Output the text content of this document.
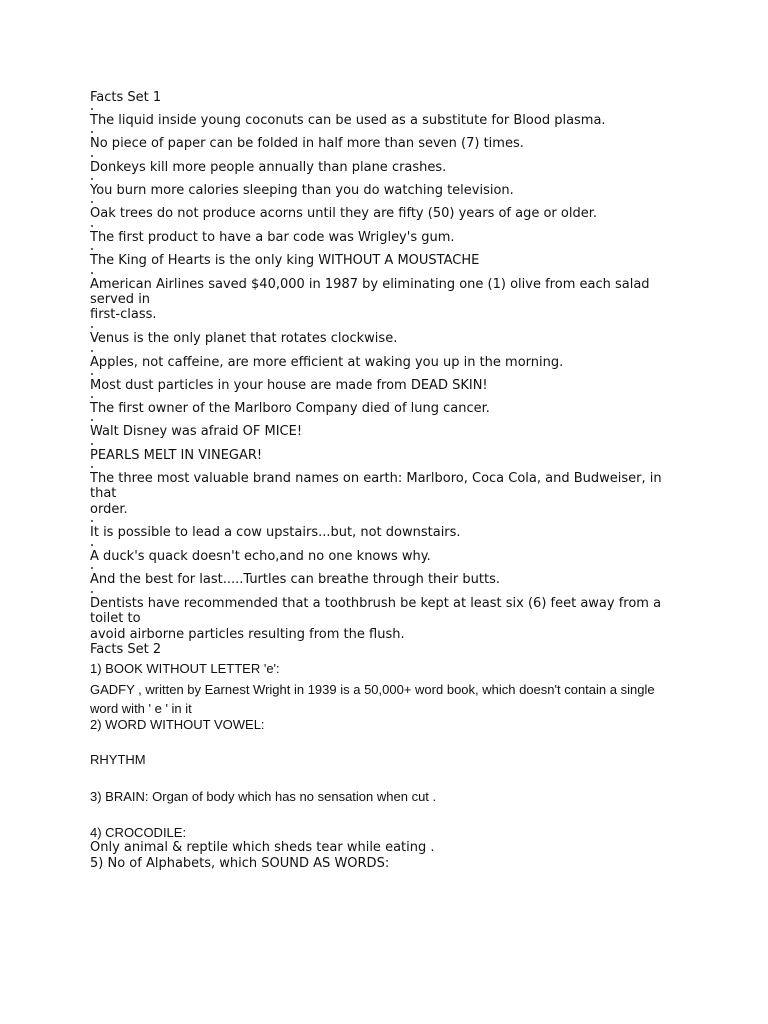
Facts Set 1
The liquid inside young coconuts can be used as a substitute for Blood plasma.
No piece of paper can be folded in half more than seven (7) times.
Donkeys kill more people annually than plane crashes.
You burn more calories sleeping than you do watching television.
Oak trees do not produce acorns until they are fifty (50) years of age or older.
The first product to have a bar code was Wrigley's gum.
The King of Hearts is the only king WITHOUT A MOUSTACHE
American Airlines saved $40,000 in 1987 by eliminating one (1) olive from each salad
served in
first-class.
Venus is the only planet that rotates clockwise.
Apples, not caffeine, are more efficient at waking you up in the morning.
Most dust particles in your house are made from DEAD SKIN!
The first owner of the Marlboro Company died of lung cancer.
Walt Disney was afraid OF MICE!
PEARLS MELT IN VINEGAR!
The three most valuable brand names on earth: Marlboro, Coca Cola, and Budweiser, in
that
order.
It is possible to lead a cow upstairs...but, not downstairs.
A duck's quack doesn't echo,and no one knows why.
And the best for last.....Turtles can breathe through their butts.
Dentists have recommended that a toothbrush be kept at least six (6) feet away from a
toilet to
avoid airborne particles resulting from the flush.
Facts Set 2
1) BOOK WITHOUT LETTER 'e':
GADFY , written by Earnest Wright in 1939 is a 50,000+ word book, which doesn't contain a single
word with ' e ' in it
2) WORD WITHOUT VOWEL:
RHYTHM
3) BRAIN: Organ of body which has no sensation when cut .
4) CROCODILE:
Only animal & reptile which sheds tear while eating .
5) No of Alphabets, which SOUND AS WORDS:
